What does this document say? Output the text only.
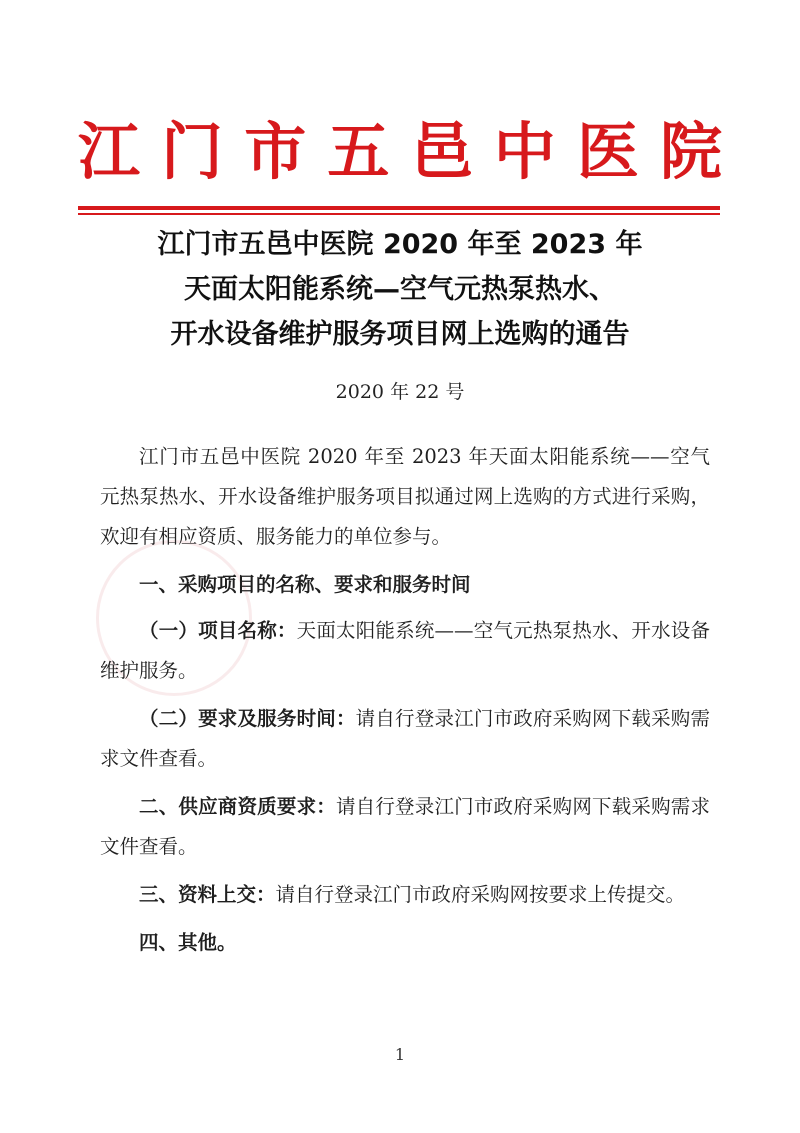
江 门 市 五 邑 中 医 院
江门市五邑中医院 2020 年至 2023 年
天面太阳能系统—空气元热泵热水、
开水设备维护服务项目网上选购的通告
2020 年 22 号

江门市五邑中医院 2020 年至 2023 年天面太阳能系统——空气元热泵热水、开水设备维护服务项目拟通过网上选购的方式进行采购，欢迎有相应资质、服务能力的单位参与。

一、采购项目的名称、要求和服务时间

（一）项目名称：天面太阳能系统——空气元热泵热水、开水设备维护服务。

（二）要求及服务时间：请自行登录江门市政府采购网下载采购需求文件查看。

二、供应商资质要求：请自行登录江门市政府采购网下载采购需求文件查看。

三、资料上交：请自行登录江门市政府采购网按要求上传提交。

四、其他。

1
